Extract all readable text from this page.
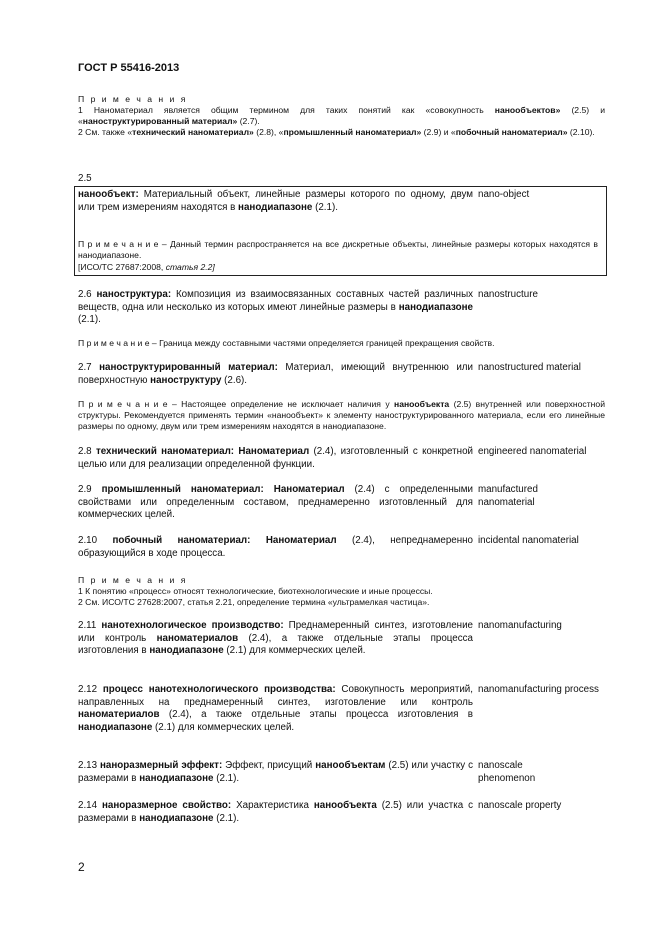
ГОСТ Р 55416-2013
П р и м е ч а н и я
1 Наноматериал является общим термином для таких понятий как «совокупность нанообъектов» (2.5) и «наноструктурированный материал» (2.7).
2 См. также «технический наноматериал» (2.8), «промышленный наноматериал» (2.9) и «побочный наноматериал» (2.10).
2.5
нанообъект: Материальный объект, линейные размеры которого по одному, двум или трем измерениям находятся в нанодиапазоне (2.1).
nano-object
П р и м е ч а н и е – Данный термин распространяется на все дискретные объекты, линейные размеры которых находятся в нанодиапазоне.
[ИСО/ТС 27687:2008, статья 2.2]
2.6 наноструктура: Композиция из взаимосвязанных составных частей различных веществ, одна или несколько из которых имеют линейные размеры в нанодиапазоне (2.1).
nanostructure
П р и м е ч а н и е – Граница между составными частями определяется границей прекращения свойств.
2.7 наноструктурированный материал: Материал, имеющий внутреннюю или поверхностную наноструктуру (2.6).
nanostructured material
П р и м е ч а н и е – Настоящее определение не исключает наличия у нанообъекта (2.5) внутренней или поверхностной структуры. Рекомендуется применять термин «нанообъект» к элементу наноструктурированного материала, если его линейные размеры по одному, двум или трем измерениям находятся в нанодиапазоне.
2.8 технический наноматериал: Наноматериал (2.4), изготовленный с конкретной целью или для реализации определенной функции.
engineered nanomaterial
2.9 промышленный наноматериал: Наноматериал (2.4) с определенными свойствами или определенным составом, преднамеренно изготовленный для коммерческих целей.
manufactured nanomaterial
2.10 побочный наноматериал: Наноматериал (2.4), непреднамеренно образующийся в ходе процесса.
incidental nanomaterial
П р и м е ч а н и я
1 К понятию «процесс» относят технологические, биотехнологические и иные процессы.
2 См. ИСО/ТС 27628:2007, статья 2.21, определение термина «ультрамелкая частица».
2.11 нанотехнологическое производство: Преднамеренный синтез, изготовление или контроль наноматериалов (2.4), а также отдельные этапы процесса изготовления в нанодиапазоне (2.1) для коммерческих целей.
nanomanufacturing
2.12 процесс нанотехнологического производства: Совокупность мероприятий, направленных на преднамеренный синтез, изготовление или контроль наноматериалов (2.4), а также отдельные этапы процесса изготовления в нанодиапазоне (2.1) для коммерческих целей.
nanomanufacturing process
2.13 наноразмерный эффект: Эффект, присущий нанообъектам (2.5) или участку с размерами в нанодиапазоне (2.1).
nanoscale phenomenon
2.14 наноразмерное свойство: Характеристика нанообъекта (2.5) или участка с размерами в нанодиапазоне (2.1).
nanoscale property
2
